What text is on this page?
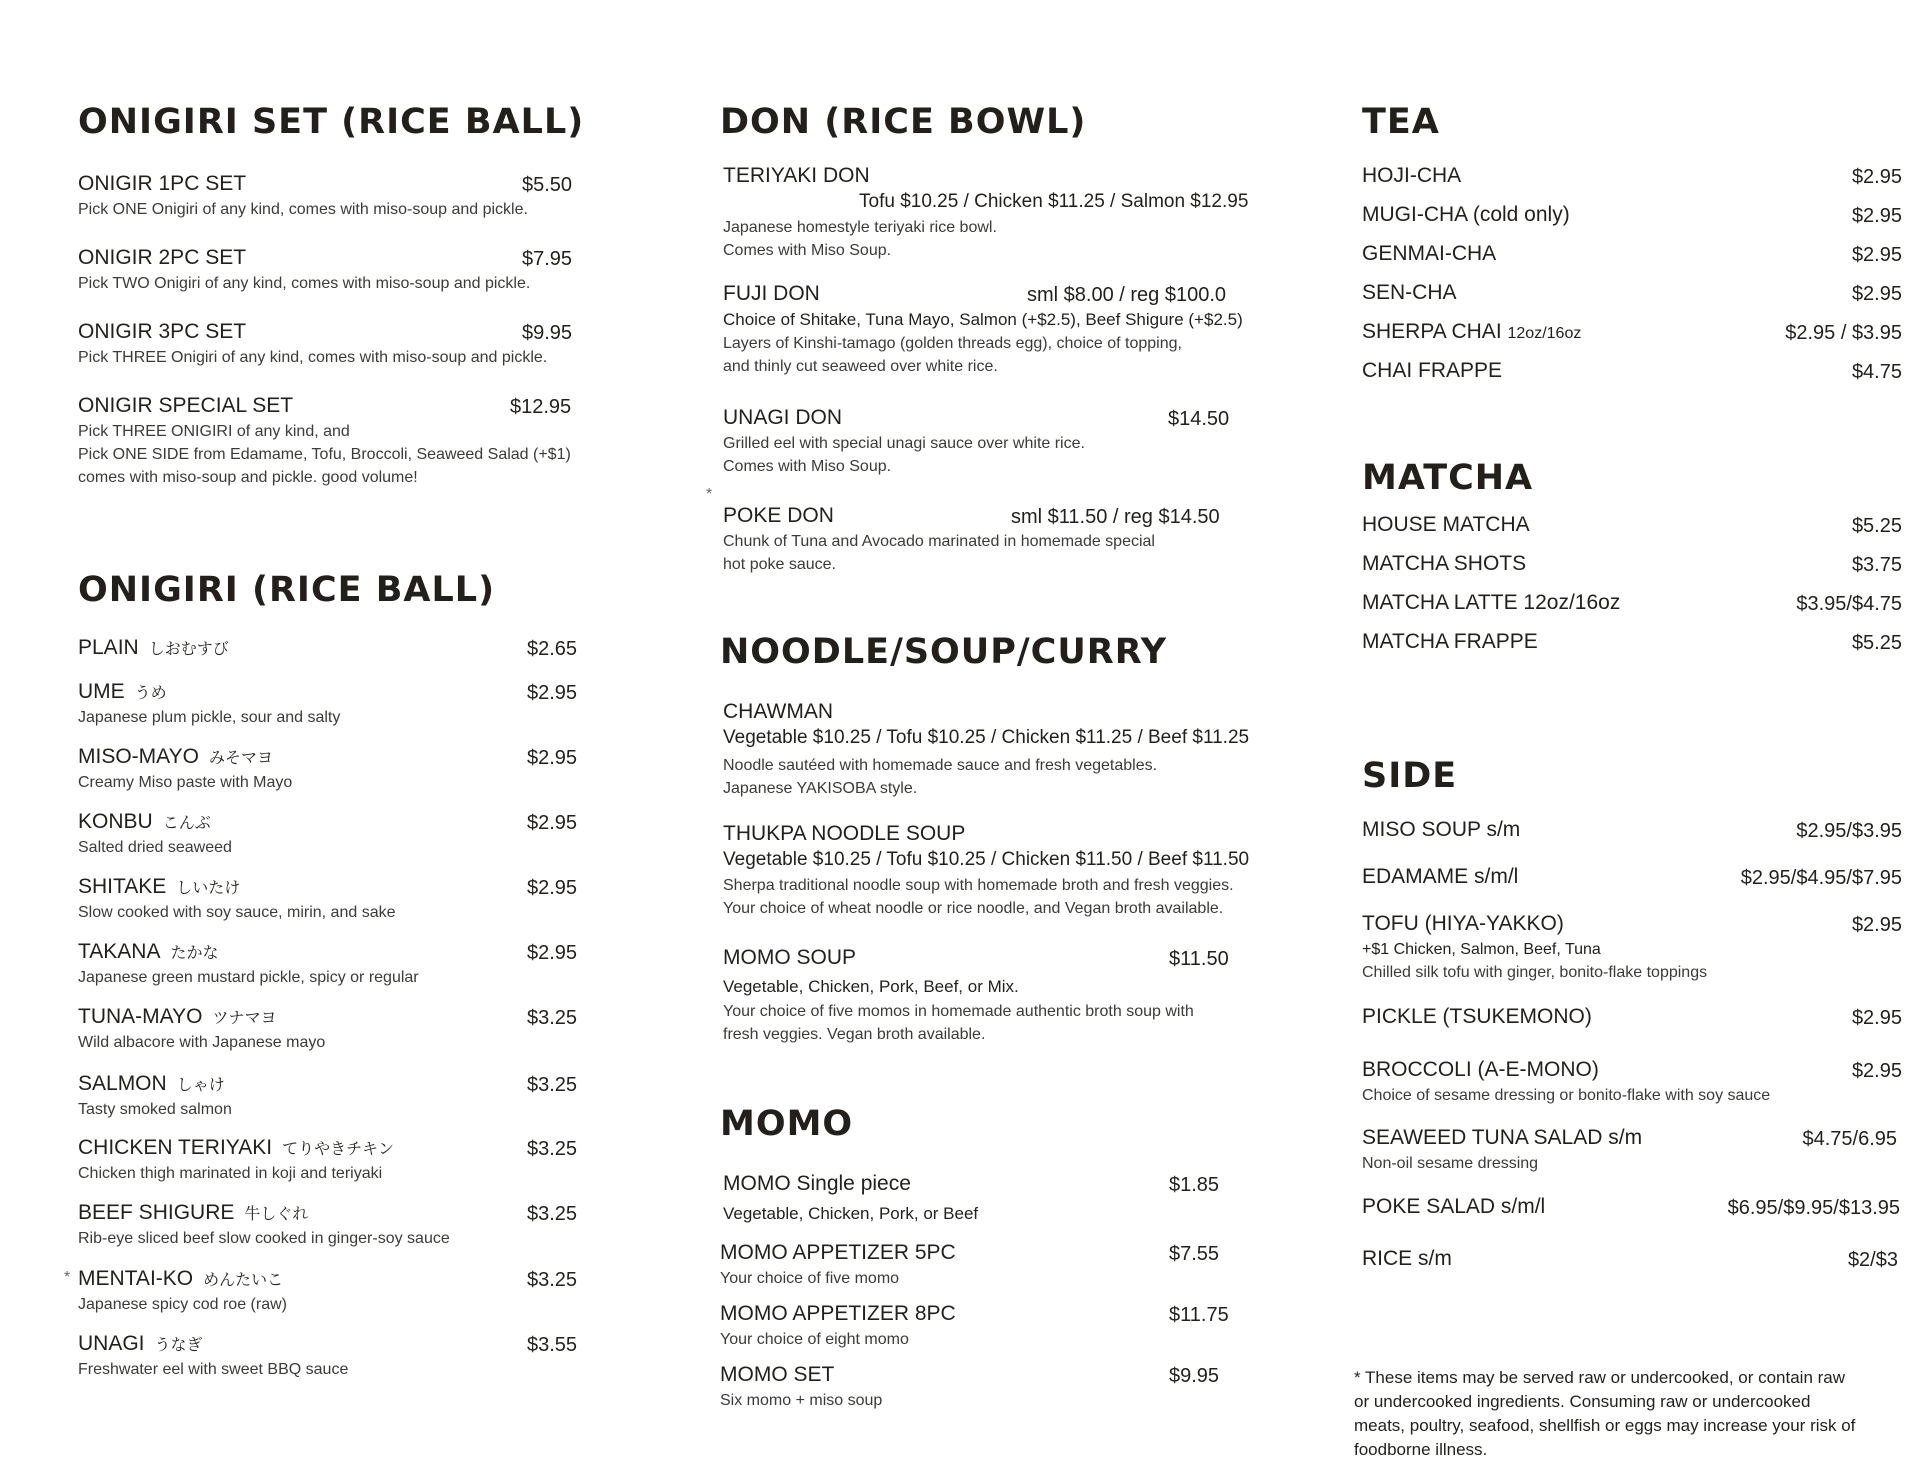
ONIGIRI SET (RICE BALL)
ONIGIR 1PC SET	$5.50
Pick ONE Onigiri of any kind, comes with miso-soup and pickle.
ONIGIR 2PC SET	$7.95
Pick TWO Onigiri of any kind, comes with miso-soup and pickle.
ONIGIR 3PC SET	$9.95
Pick THREE Onigiri of any kind, comes with miso-soup and pickle.
ONIGIR SPECIAL SET	$12.95
Pick THREE ONIGIRI of any kind, and
Pick ONE SIDE from Edamame, Tofu, Broccoli, Seaweed Salad (+$1)
comes with miso-soup and pickle. good volume!
ONIGIRI (RICE BALL)
PLAIN しおむすび	$2.65
UME うめ	$2.95
Japanese plum pickle, sour and salty
MISO-MAYO みそマヨ	$2.95
Creamy Miso paste with Mayo
KONBU こんぶ	$2.95
Salted dried seaweed
SHITAKE しいたけ	$2.95
Slow cooked with soy sauce, mirin, and sake
TAKANA たかな	$2.95
Japanese green mustard pickle, spicy or regular
TUNA-MAYO ツナマヨ	$3.25
Wild albacore with Japanese mayo
SALMON しゃけ	$3.25
Tasty smoked salmon
CHICKEN TERIYAKI てりやきチキン	$3.25
Chicken thigh marinated in koji and teriyaki
BEEF SHIGURE 牛しぐれ	$3.25
Rib-eye sliced beef slow cooked in ginger-soy sauce
* MENTAI-KO めんたいこ	$3.25
Japanese spicy cod roe (raw)
UNAGI うなぎ	$3.55
Freshwater eel with sweet BBQ sauce
DON (RICE BOWL)
TERIYAKI DON
Tofu $10.25 / Chicken $11.25 / Salmon $12.95
Japanese homestyle teriyaki rice bowl.
Comes with Miso Soup.
FUJI DON	sml $8.00 / reg $100.0
Choice of Shitake, Tuna Mayo, Salmon (+$2.5), Beef Shigure (+$2.5)
Layers of Kinshi-tamago (golden threads egg), choice of topping,
and thinly cut seaweed over white rice.
UNAGI DON	$14.50
Grilled eel with special unagi sauce over white rice.
Comes with Miso Soup.
*
POKE DON	sml $11.50 / reg $14.50
Chunk of Tuna and Avocado marinated in homemade special
hot poke sauce.
NOODLE/SOUP/CURRY
CHAWMAN
Vegetable $10.25 / Tofu $10.25 / Chicken $11.25 / Beef $11.25
Noodle sautéed with homemade sauce and fresh vegetables.
Japanese YAKISOBA style.
THUKPA NOODLE SOUP
Vegetable $10.25 / Tofu $10.25 / Chicken $11.50 / Beef $11.50
Sherpa traditional noodle soup with homemade broth and fresh veggies.
Your choice of wheat noodle or rice noodle, and Vegan broth available.
MOMO SOUP	$11.50
Vegetable, Chicken, Pork, Beef, or Mix.
Your choice of five momos in homemade authentic broth soup with
fresh veggies. Vegan broth available.
MOMO
MOMO Single piece	$1.85
Vegetable, Chicken, Pork, or Beef
MOMO APPETIZER 5PC	$7.55
Your choice of five momo
MOMO APPETIZER 8PC	$11.75
Your choice of eight momo
MOMO SET	$9.95
Six momo + miso soup
TEA
HOJI-CHA	$2.95
MUGI-CHA (cold only)	$2.95
GENMAI-CHA	$2.95
SEN-CHA	$2.95
SHERPA CHAI 12oz/16oz	$2.95 / $3.95
CHAI FRAPPE	$4.75
MATCHA
HOUSE MATCHA	$5.25
MATCHA SHOTS	$3.75
MATCHA LATTE 12oz/16oz	$3.95/$4.75
MATCHA FRAPPE	$5.25
SIDE
MISO SOUP s/m	$2.95/$3.95
EDAMAME s/m/l	$2.95/$4.95/$7.95
TOFU (HIYA-YAKKO)	$2.95
+$1 Chicken, Salmon, Beef, Tuna
Chilled silk tofu with ginger, bonito-flake toppings
PICKLE (TSUKEMONO)	$2.95
BROCCOLI (A-E-MONO)	$2.95
Choice of sesame dressing or bonito-flake with soy sauce
SEAWEED TUNA SALAD s/m	$4.75/6.95
Non-oil sesame dressing
POKE SALAD s/m/l	$6.95/$9.95/$13.95
RICE s/m	$2/$3
* These items may be served raw or undercooked, or contain raw
or undercooked ingredients. Consuming raw or undercooked
meats, poultry, seafood, shellfish or eggs may increase your risk of
foodborne illness.
